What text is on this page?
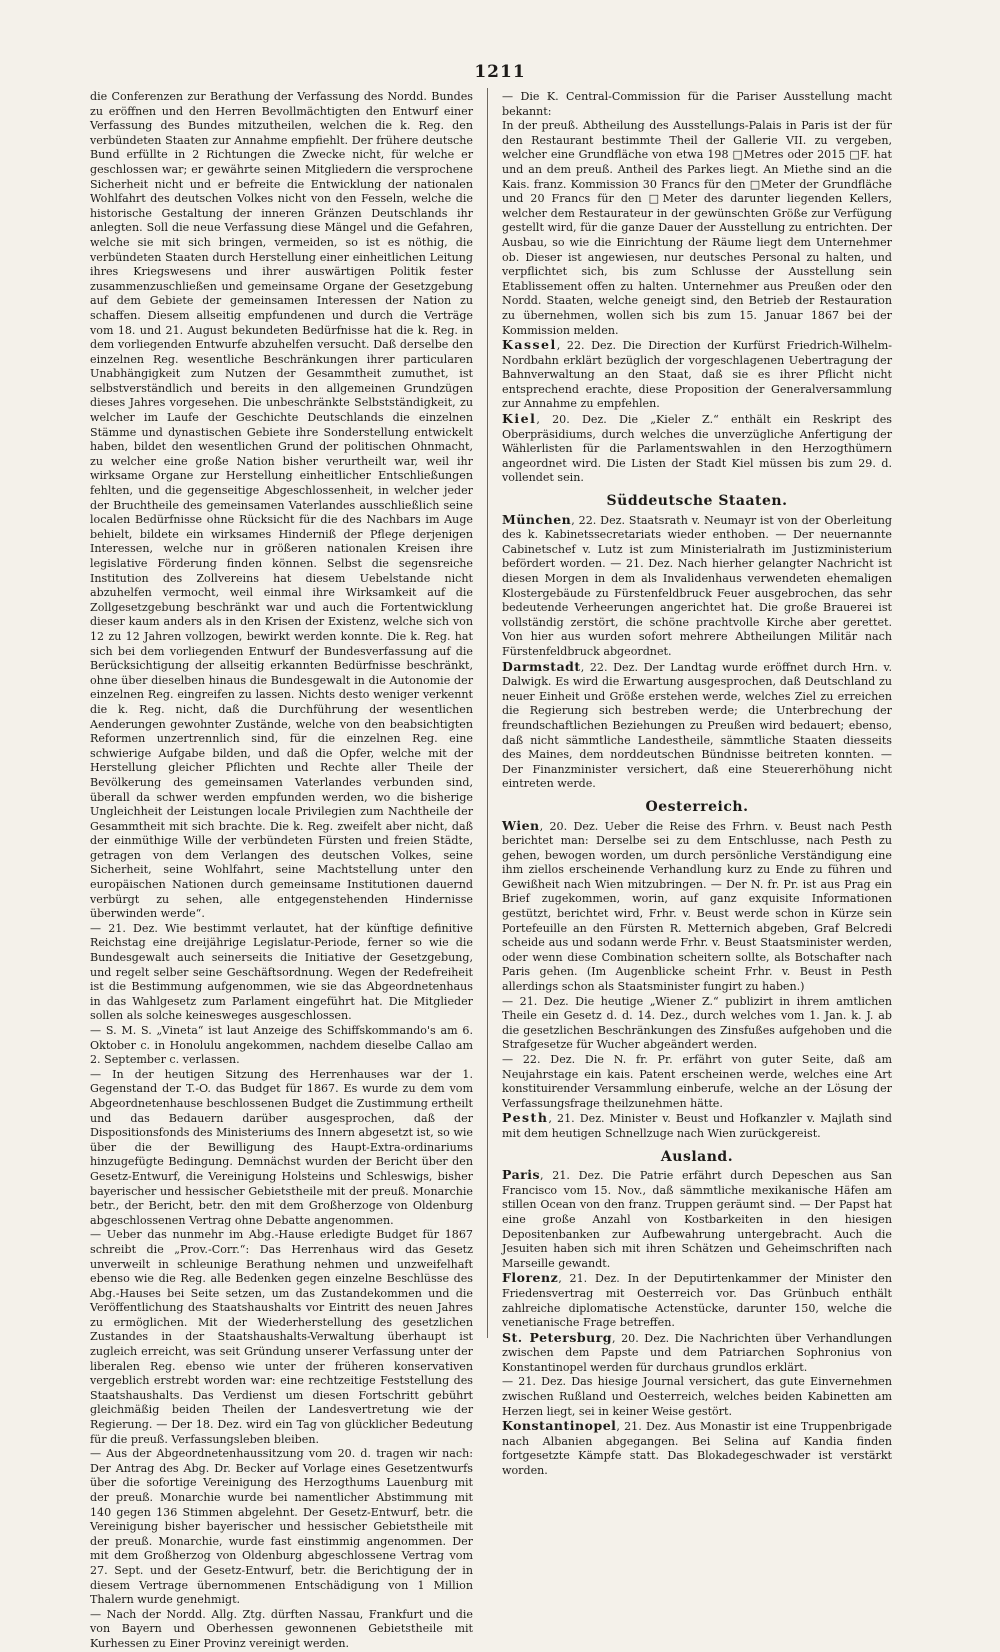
1211

die Conferenzen zur Berathung der Verfassung des Nordd. Bundes zu eröffnen und den Herren Bevollmächtigten den Entwurf einer Verfassung des Bundes mitzutheilen, welchen die k. Reg. den verbündeten Staaten zur Annahme empfiehlt. Der frühere deutsche Bund erfüllte in 2 Richtungen die Zwecke nicht, für welche er geschlossen war; er gewährte seinen Mitgliedern die versprochene Sicherheit nicht und er befreite die Entwicklung der nationalen Wohlfahrt des deutschen Volkes nicht von den Fesseln, welche die historische Gestaltung der inneren Gränzen Deutschlands ihr anlegten. Soll die neue Verfassung diese Mängel und die Gefahren, welche sie mit sich bringen, vermeiden, so ist es nöthig, die verbündeten Staaten durch Herstellung einer einheitlichen Leitung ihres Kriegswesens und ihrer auswärtigen Politik fester zusammenzuschließen und gemeinsame Organe der Gesetzgebung auf dem Gebiete der gemeinsamen Interessen der Nation zu schaffen. Diesem allseitig empfundenen und durch die Verträge vom 18. und 21. August bekundeten Bedürfnisse hat die k. Reg. in dem vorliegenden Entwurfe abzuhelfen versucht. Daß derselbe den einzelnen Reg. wesentliche Beschränkungen ihrer particularen Unabhängigkeit zum Nutzen der Gesammtheit zumuthet, ist selbstverständlich und bereits in den allgemeinen Grundzügen dieses Jahres vorgesehen. Die unbeschränkte Selbstständigkeit, zu welcher im Laufe der Geschichte Deutschlands die einzelnen Stämme und dynastischen Gebiete ihre Sonderstellung entwickelt haben, bildet den wesentlichen Grund der politischen Ohnmacht, zu welcher eine große Nation bisher verurtheilt war, weil ihr wirksame Organe zur Herstellung einheitlicher Entschließungen fehlten, und die gegenseitige Abgeschlossenheit, in welcher jeder der Bruchtheile des gemeinsamen Vaterlandes ausschließlich seine localen Bedürfnisse ohne Rücksicht für die des Nachbars im Auge behielt, bildete ein wirksames Hinderniß der Pflege derjenigen Interessen, welche nur in größeren nationalen Kreisen ihre legislative Förderung finden können. Selbst die segensreiche Institution des Zollvereins hat diesem Uebelstande nicht abzuhelfen vermocht, weil einmal ihre Wirksamkeit auf die Zollgesetzgebung beschränkt war und auch die Fortentwicklung dieser kaum anders als in den Krisen der Existenz, welche sich von 12 zu 12 Jahren vollzogen, bewirkt werden konnte. Die k. Reg. hat sich bei dem vorliegenden Entwurf der Bundesverfassung auf die Berücksichtigung der allseitig erkannten Bedürfnisse beschränkt, ohne über dieselben hinaus die Bundesgewalt in die Autonomie der einzelnen Reg. eingreifen zu lassen. Nichts desto weniger verkennt die k. Reg. nicht, daß die Durchführung der wesentlichen Aenderungen gewohnter Zustände, welche von den beabsichtigten Reformen unzertrennlich sind, für die einzelnen Reg. eine schwierige Aufgabe bilden, und daß die Opfer, welche mit der Herstellung gleicher Pflichten und Rechte aller Theile der Bevölkerung des gemeinsamen Vaterlandes verbunden sind, überall da schwer werden empfunden werden, wo die bisherige Ungleichheit der Leistungen locale Privilegien zum Nachtheile der Gesammtheit mit sich brachte. Die k. Reg. zweifelt aber nicht, daß der einmüthige Wille der verbündeten Fürsten und freien Städte, getragen von dem Verlangen des deutschen Volkes, seine Sicherheit, seine Wohlfahrt, seine Machtstellung unter den europäischen Nationen durch gemeinsame Institutionen dauernd verbürgt zu sehen, alle entgegenstehenden Hindernisse überwinden werde“.

— 21. Dez. Wie bestimmt verlautet, hat der künftige definitive Reichstag eine dreijährige Legislatur-Periode, ferner so wie die Bundesgewalt auch seinerseits die Initiative der Gesetzgebung, und regelt selber seine Geschäftsordnung. Wegen der Redefreiheit ist die Bestimmung aufgenommen, wie sie das Abgeordnetenhaus in das Wahlgesetz zum Parlament eingeführt hat. Die Mitglieder sollen als solche keinesweges ausgeschlossen.

— S. M. S. „Vineta“ ist laut Anzeige des Schiffskommando's am 6. Oktober c. in Honolulu angekommen, nachdem dieselbe Callao am 2. September c. verlassen.

— In der heutigen Sitzung des Herrenhauses war der 1. Gegenstand der T.-O. das Budget für 1867. Es wurde zu dem vom Abgeordnetenhause beschlossenen Budget die Zustimmung ertheilt und das Bedauern darüber ausgesprochen, daß der Dispositionsfonds des Ministeriums des Innern abgesetzt ist, so wie über die der Bewilligung des Haupt-Extra-ordinariums hinzugefügte Bedingung. Demnächst wurden der Bericht über den Gesetz-Entwurf, die Vereinigung Holsteins und Schleswigs, bisher bayerischer und hessischer Gebietstheile mit der preuß. Monarchie betr., der Bericht, betr. den mit dem Großherzoge von Oldenburg abgeschlossenen Vertrag ohne Debatte angenommen.

— Ueber das nunmehr im Abg.-Hause erledigte Budget für 1867 schreibt die „Prov.-Corr.“: Das Herrenhaus wird das Gesetz unverweilt in schleunige Berathung nehmen und unzweifelhaft ebenso wie die Reg. alle Bedenken gegen einzelne Beschlüsse des Abg.-Hauses bei Seite setzen, um das Zustandekommen und die Veröffentlichung des Staatshaushalts vor Eintritt des neuen Jahres zu ermöglichen. Mit der Wiederherstellung des gesetzlichen Zustandes in der Staatshaushalts-Verwaltung überhaupt ist zugleich erreicht, was seit Gründung unserer Verfassung unter der liberalen Reg. ebenso wie unter der früheren konservativen vergeblich erstrebt worden war: eine rechtzeitige Feststellung des Staatshaushalts. Das Verdienst um diesen Fortschritt gebührt gleichmäßig beiden Theilen der Landesvertretung wie der Regierung. — Der 18. Dez. wird ein Tag von glücklicher Bedeutung für die preuß. Verfassungsleben bleiben.

— Aus der Abgeordnetenhaussitzung vom 20. d. tragen wir nach: Der Antrag des Abg. Dr. Becker auf Vorlage eines Gesetzentwurfs über die sofortige Vereinigung des Herzogthums Lauenburg mit der preuß. Monarchie wurde bei namentlicher Abstimmung mit 140 gegen 136 Stimmen abgelehnt. Der Gesetz-Entwurf, betr. die Vereinigung bisher bayerischer und hessischer Gebietstheile mit der preuß. Monarchie, wurde fast einstimmig angenommen. Der mit dem Großherzog von Oldenburg abgeschlossene Vertrag vom 27. Sept. und der Gesetz-Entwurf, betr. die Berichtigung der in diesem Vertrage übernommenen Entschädigung von 1 Million Thalern wurde genehmigt.

— Nach der Nordd. Allg. Ztg. dürften Nassau, Frankfurt und die von Bayern und Oberhessen gewonnenen Gebietstheile mit Kurhessen zu Einer Provinz vereinigt werden.

— Die K. Central-Commission für die Pariser Ausstellung macht bekannt:

In der preuß. Abtheilung des Ausstellungs-Palais in Paris ist der für den Restaurant bestimmte Theil der Gallerie VII. zu vergeben, welcher eine Grundfläche von etwa 198 □Metres oder 2015 □F. hat und an dem preuß. Antheil des Parkes liegt. An Miethe sind an die Kais. franz. Kommission 30 Francs für den □Meter der Grundfläche und 20 Francs für den □Meter des darunter liegenden Kellers, welcher dem Restaurateur in der gewünschten Größe zur Verfügung gestellt wird, für die ganze Dauer der Ausstellung zu entrichten. Der Ausbau, so wie die Einrichtung der Räume liegt dem Unternehmer ob. Dieser ist angewiesen, nur deutsches Personal zu halten, und verpflichtet sich, bis zum Schlusse der Ausstellung sein Etablissement offen zu halten. Unternehmer aus Preußen oder den Nordd. Staaten, welche geneigt sind, den Betrieb der Restauration zu übernehmen, wollen sich bis zum 15. Januar 1867 bei der Kommission melden.

Kassel, 22. Dez. Die Direction der Kurfürst Friedrich-Wilhelm-Nordbahn erklärt bezüglich der vorgeschlagenen Uebertragung der Bahnverwaltung an den Staat, daß sie es ihrer Pflicht nicht entsprechend erachte, diese Proposition der Generalversammlung zur Annahme zu empfehlen.

Kiel, 20. Dez. Die „Kieler Z.“ enthält ein Reskript des Oberpräsidiums, durch welches die unverzügliche Anfertigung der Wählerlisten für die Parlamentswahlen in den Herzogthümern angeordnet wird. Die Listen der Stadt Kiel müssen bis zum 29. d. vollendet sein.

Süddeutsche Staaten.

München, 22. Dez. Staatsrath v. Neumayr ist von der Oberleitung des k. Kabinetssecretariats wieder enthoben. — Der neuernannte Cabinetschef v. Lutz ist zum Ministerialrath im Justizministerium befördert worden. — 21. Dez. Nach hierher gelangter Nachricht ist diesen Morgen in dem als Invalidenhaus verwendeten ehemaligen Klostergebäude zu Fürstenfeldbruck Feuer ausgebrochen, das sehr bedeutende Verheerungen angerichtet hat. Die große Brauerei ist vollständig zerstört, die schöne prachtvolle Kirche aber gerettet. Von hier aus wurden sofort mehrere Abtheilungen Militär nach Fürstenfeldbruck abgeordnet.

Darmstadt, 22. Dez. Der Landtag wurde eröffnet durch Hrn. v. Dalwigk. Es wird die Erwartung ausgesprochen, daß Deutschland zu neuer Einheit und Größe erstehen werde, welches Ziel zu erreichen die Regierung sich bestreben werde; die Unterbrechung der freundschaftlichen Beziehungen zu Preußen wird bedauert; ebenso, daß nicht sämmtliche Landestheile, sämmtliche Staaten diesseits des Maines, dem norddeutschen Bündnisse beitreten konnten. — Der Finanzminister versichert, daß eine Steuererhöhung nicht eintreten werde.

Oesterreich.

Wien, 20. Dez. Ueber die Reise des Frhrn. v. Beust nach Pesth berichtet man: Derselbe sei zu dem Entschlusse, nach Pesth zu gehen, bewogen worden, um durch persönliche Verständigung eine ihm ziellos erscheinende Verhandlung kurz zu Ende zu führen und Gewißheit nach Wien mitzubringen. — Der N. fr. Pr. ist aus Prag ein Brief zugekommen, worin, auf ganz exquisite Informationen gestützt, berichtet wird, Frhr. v. Beust werde schon in Kürze sein Portefeuille an den Fürsten R. Metternich abgeben, Graf Belcredi scheide aus und sodann werde Frhr. v. Beust Staatsminister werden, oder wenn diese Combination scheitern sollte, als Botschafter nach Paris gehen. (Im Augenblicke scheint Frhr. v. Beust in Pesth allerdings schon als Staatsminister fungirt zu haben.)

— 21. Dez. Die heutige „Wiener Z.“ publizirt in ihrem amtlichen Theile ein Gesetz d. d. 14. Dez., durch welches vom 1. Jan. k. J. ab die gesetzlichen Beschränkungen des Zinsfußes aufgehoben und die Strafgesetze für Wucher abgeändert werden.

— 22. Dez. Die N. fr. Pr. erfährt von guter Seite, daß am Neujahrstage ein kais. Patent erscheinen werde, welches eine Art konstituirender Versammlung einberufe, welche an der Lösung der Verfassungsfrage theilzunehmen hätte.

Pesth, 21. Dez. Minister v. Beust und Hofkanzler v. Majlath sind mit dem heutigen Schnellzuge nach Wien zurückgereist.

Ausland.

Paris, 21. Dez. Die Patrie erfährt durch Depeschen aus San Francisco vom 15. Nov., daß sämmtliche mexikanische Häfen am stillen Ocean von den franz. Truppen geräumt sind. — Der Papst hat eine große Anzahl von Kostbarkeiten in den hiesigen Depositenbanken zur Aufbewahrung untergebracht. Auch die Jesuiten haben sich mit ihren Schätzen und Geheimschriften nach Marseille gewandt.

Florenz, 21. Dez. In der Deputirtenkammer der Minister den Friedensvertrag mit Oesterreich vor. Das Grünbuch enthält zahlreiche diplomatische Actenstücke, darunter 150, welche die venetianische Frage betreffen.

St. Petersburg, 20. Dez. Die Nachrichten über Verhandlungen zwischen dem Papste und dem Patriarchen Sophronius von Konstantinopel werden für durchaus grundlos erklärt.

— 21. Dez. Das hiesige Journal versichert, das gute Einvernehmen zwischen Rußland und Oesterreich, welches beiden Kabinetten am Herzen liegt, sei in keiner Weise gestört.

Konstantinopel, 21. Dez. Aus Monastir ist eine Truppenbrigade nach Albanien abgegangen. Bei Selina auf Kandia finden fortgesetzte Kämpfe statt. Das Blokadegeschwader ist verstärkt worden.
